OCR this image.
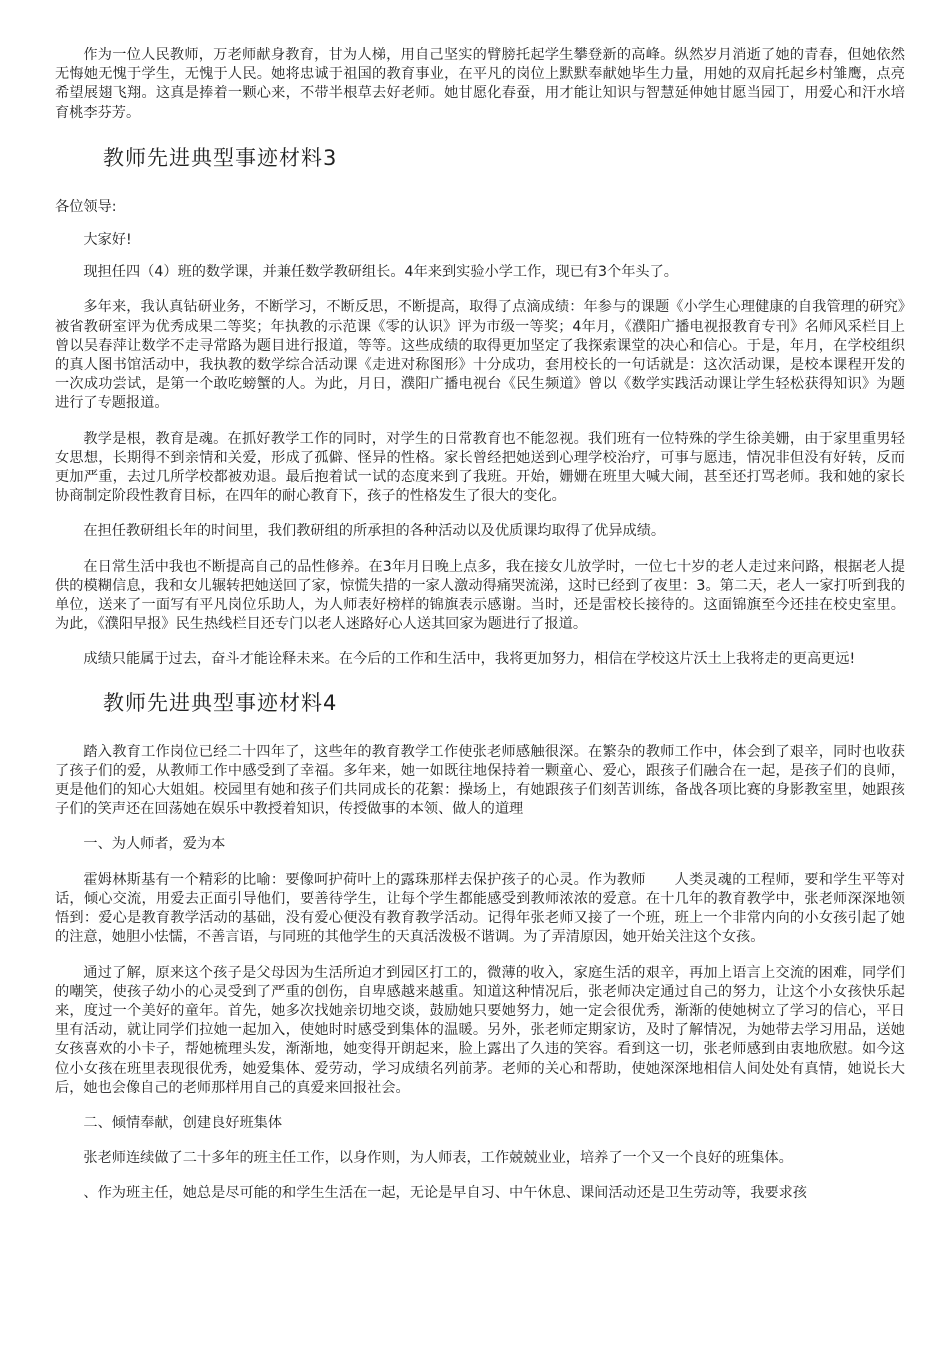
作为一位人民教师，万老师献身教育，甘为人梯，用自己坚实的臂膀托起学生攀登新的高峰。纵然岁月消逝了她的青春，但她依然无悔她无愧于学生，无愧于人民。她将忠诚于祖国的教育事业，在平凡的岗位上默默奉献她毕生力量，用她的双肩托起乡村雏鹰，点亮希望展翅飞翔。这真是捧着一颗心来，不带半根草去好老师。她甘愿化春蚕，用才能让知识与智慧延伸她甘愿当园丁，用爱心和汗水培育桃李芬芳。

教师先进典型事迹材料3

各位领导:

大家好!

现担任四（4）班的数学课，并兼任数学教研组长。4年来到实验小学工作，现已有3个年头了。

多年来，我认真钻研业务，不断学习，不断反思，不断提高，取得了点滴成绩：年参与的课题《小学生心理健康的自我管理的研究》被省教研室评为优秀成果二等奖；年执教的示范课《零的认识》评为市级一等奖；4年月，《濮阳广播电视报教育专刊》名师风采栏目上曾以吴春萍让数学不走寻常路为题目进行报道，等等。这些成绩的取得更加坚定了我探索课堂的决心和信心。于是，年月，在学校组织的真人图书馆活动中，我执教的数学综合活动课《走进对称图形》十分成功，套用校长的一句话就是：这次活动课，是校本课程开发的一次成功尝试，是第一个敢吃螃蟹的人。为此，月日，濮阳广播电视台《民生频道》曾以《数学实践活动课让学生轻松获得知识》为题进行了专题报道。

教学是根，教育是魂。在抓好教学工作的同时，对学生的日常教育也不能忽视。我们班有一位特殊的学生徐美姗，由于家里重男轻女思想，长期得不到亲情和关爱，形成了孤僻、怪异的性格。家长曾经把她送到心理学校治疗，可事与愿违，情况非但没有好转，反而更加严重，去过几所学校都被劝退。最后抱着试一试的态度来到了我班。开始，姗姗在班里大喊大闹，甚至还打骂老师。我和她的家长协商制定阶段性教育目标，在四年的耐心教育下，孩子的性格发生了很大的变化。

在担任教研组长年的时间里，我们教研组的所承担的各种活动以及优质课均取得了优异成绩。

在日常生活中我也不断提高自己的品性修养。在3年月日晚上点多，我在接女儿放学时，一位七十岁的老人走过来问路，根据老人提供的模糊信息，我和女儿辗转把她送回了家，惊慌失措的一家人激动得痛哭流涕，这时已经到了夜里：3。第二天，老人一家打听到我的单位，送来了一面写有平凡岗位乐助人，为人师表好榜样的锦旗表示感谢。当时，还是雷校长接待的。这面锦旗至今还挂在校史室里。为此，《濮阳早报》民生热线栏目还专门以老人迷路好心人送其回家为题进行了报道。

成绩只能属于过去，奋斗才能诠释未来。在今后的工作和生活中，我将更加努力，相信在学校这片沃土上我将走的更高更远!

教师先进典型事迹材料4

踏入教育工作岗位已经二十四年了，这些年的教育教学工作使张老师感触很深。在繁杂的教师工作中，体会到了艰辛，同时也收获了孩子们的爱，从教师工作中感受到了幸福。多年来，她一如既往地保持着一颗童心、爱心，跟孩子们融合在一起，是孩子们的良师，更是他们的知心大姐姐。校园里有她和孩子们共同成长的花絮：操场上，有她跟孩子们刻苦训练，备战各项比赛的身影教室里，她跟孩子们的笑声还在回荡她在娱乐中教授着知识，传授做事的本领、做人的道理

一、为人师者，爱为本

霍姆林斯基有一个精彩的比喻：要像呵护荷叶上的露珠那样去保护孩子的心灵。作为教师　　人类灵魂的工程师，要和学生平等对话，倾心交流，用爱去正面引导他们，要善待学生，让每个学生都能感受到教师浓浓的爱意。在十几年的教育教学中，张老师深深地领悟到：爱心是教育教学活动的基础，没有爱心便没有教育教学活动。记得年张老师又接了一个班，班上一个非常内向的小女孩引起了她的注意，她胆小怯懦，不善言语，与同班的其他学生的天真活泼极不谐调。为了弄清原因，她开始关注这个女孩。

通过了解，原来这个孩子是父母因为生活所迫才到园区打工的，微薄的收入，家庭生活的艰辛，再加上语言上交流的困难，同学们的嘲笑，使孩子幼小的心灵受到了严重的创伤，自卑感越来越重。知道这种情况后，张老师决定通过自己的努力，让这个小女孩快乐起来，度过一个美好的童年。首先，她多次找她亲切地交谈，鼓励她只要她努力，她一定会很优秀，渐渐的使她树立了学习的信心，平日里有活动，就让同学们拉她一起加入，使她时时感受到集体的温暖。另外，张老师定期家访，及时了解情况，为她带去学习用品，送她女孩喜欢的小卡子，帮她梳理头发，渐渐地，她变得开朗起来，脸上露出了久违的笑容。看到这一切，张老师感到由衷地欣慰。如今这位小女孩在班里表现很优秀，她爱集体、爱劳动，学习成绩名列前茅。老师的关心和帮助，使她深深地相信人间处处有真情，她说长大后，她也会像自己的老师那样用自己的真爱来回报社会。

二、倾情奉献，创建良好班集体

张老师连续做了二十多年的班主任工作，以身作则，为人师表，工作兢兢业业，培养了一个又一个良好的班集体。

、作为班主任，她总是尽可能的和学生生活在一起，无论是早自习、中午休息、课间活动还是卫生劳动等，我要求孩
